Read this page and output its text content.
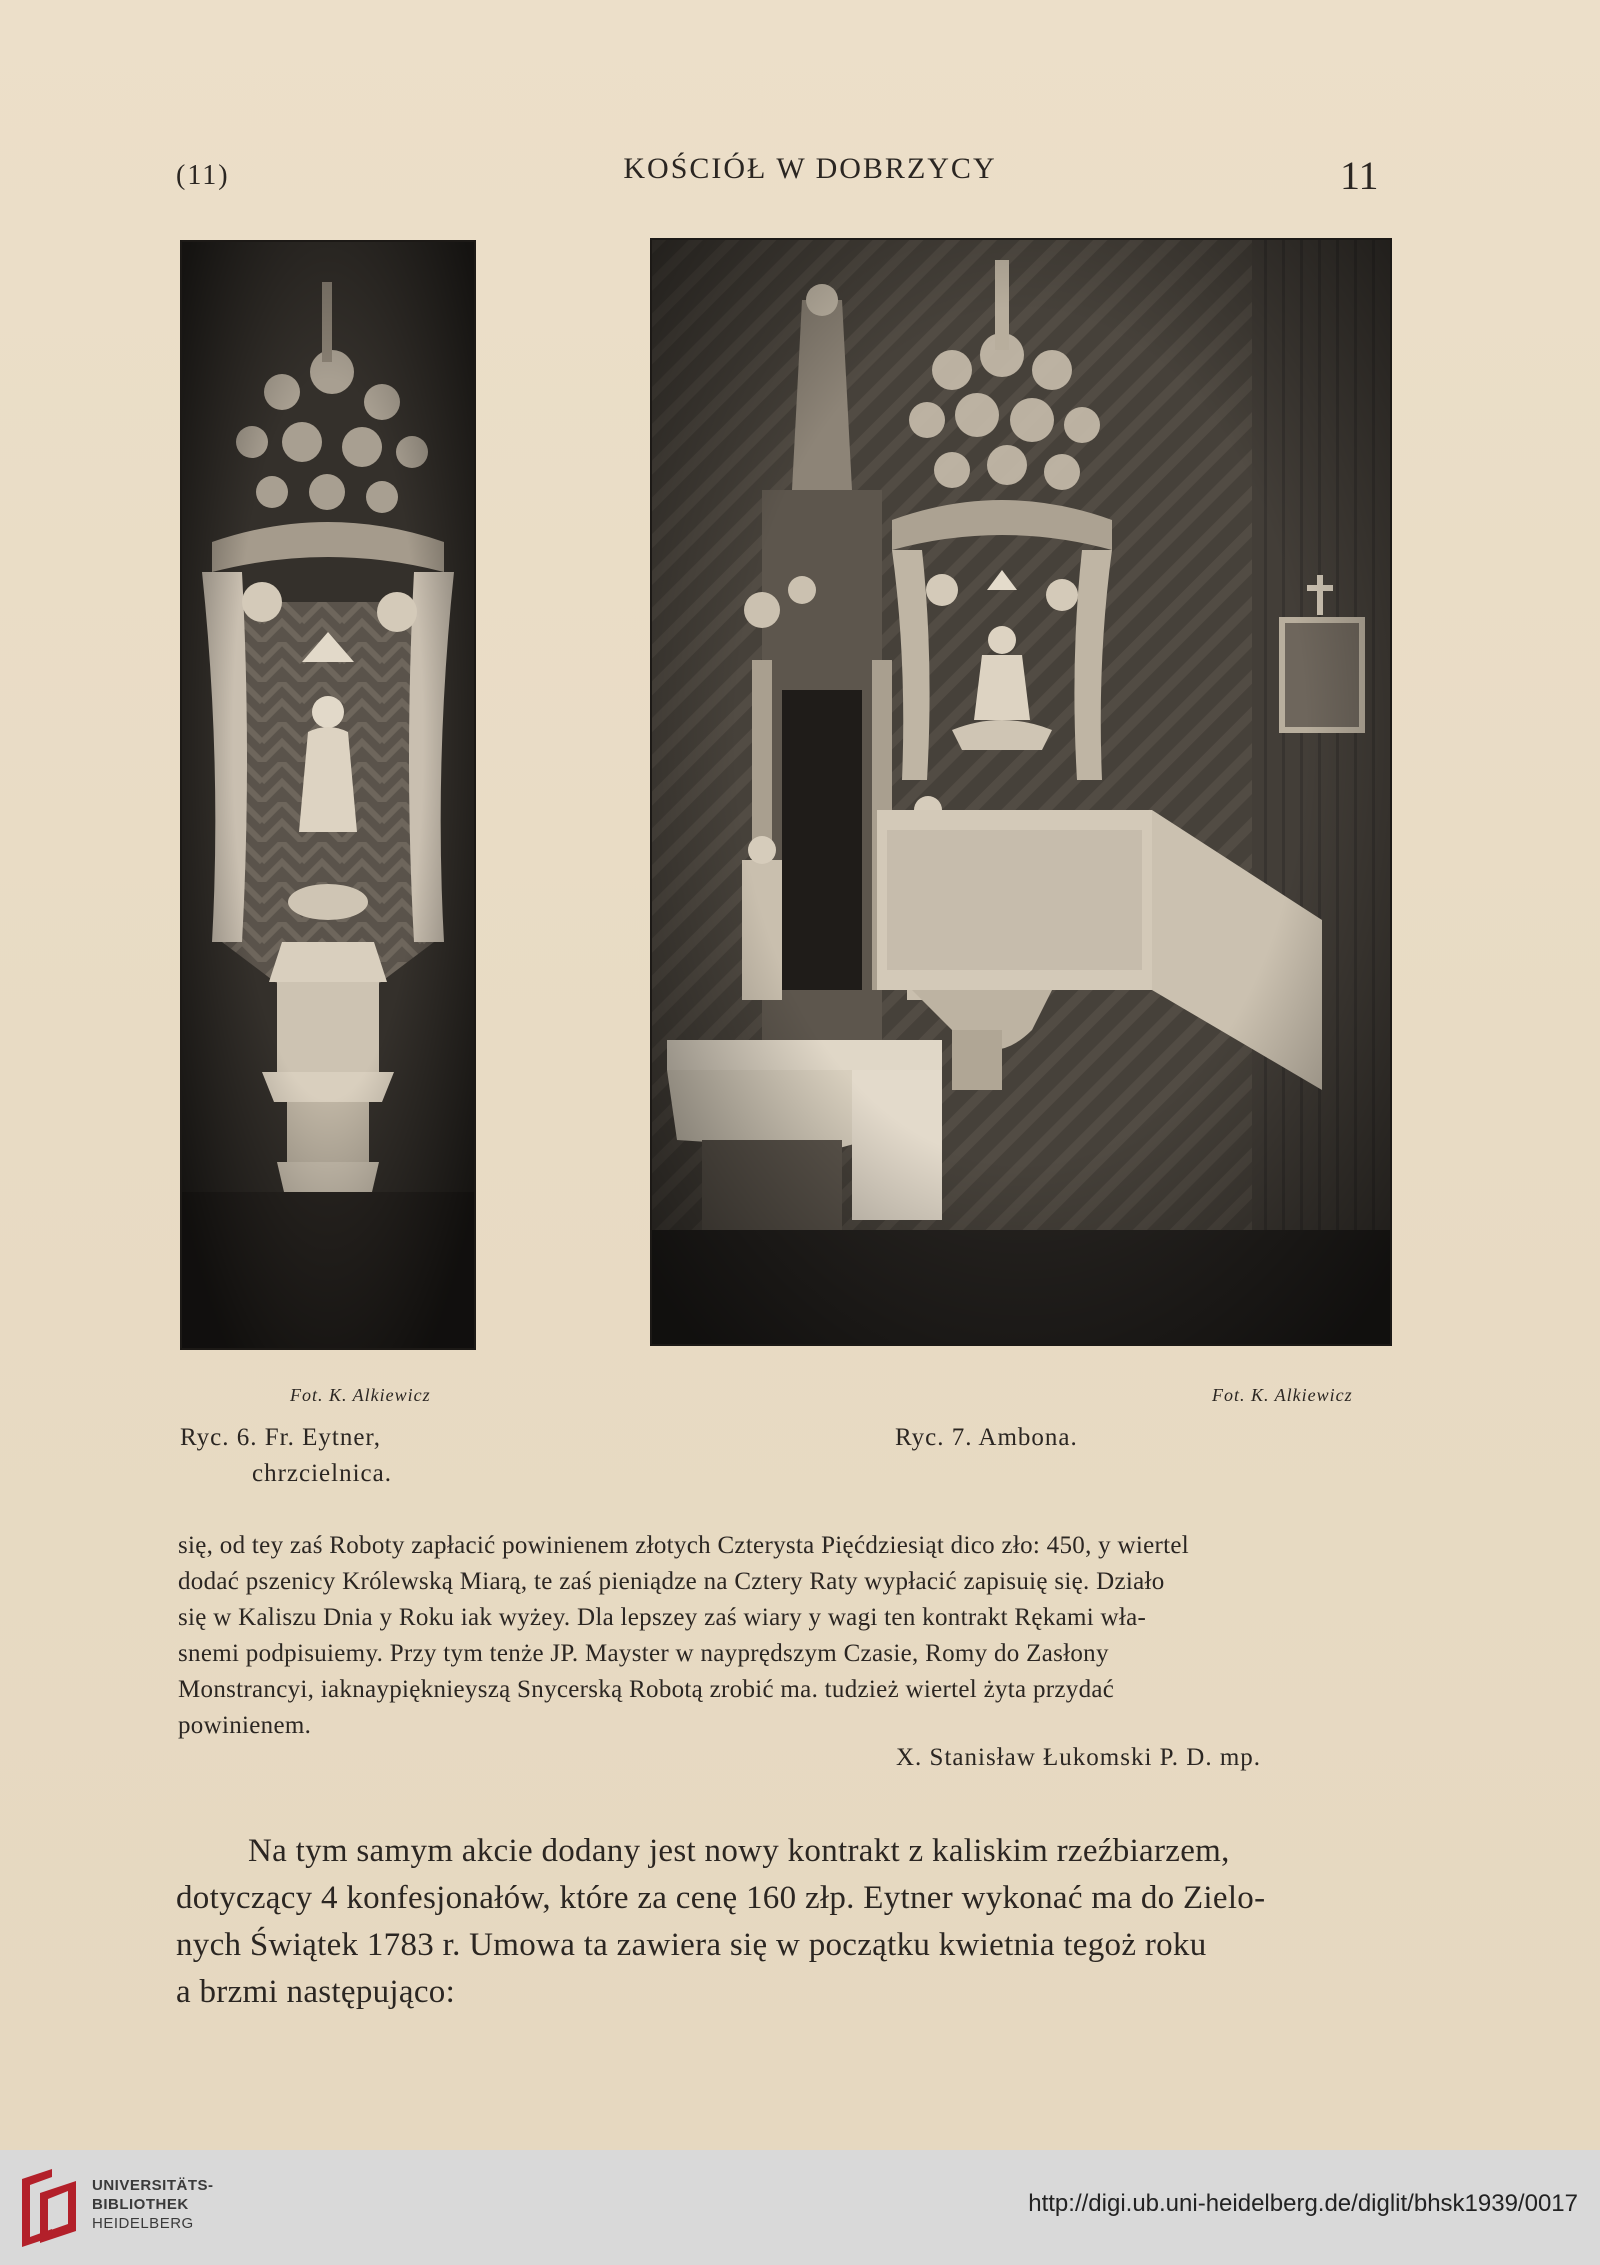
(11)	KOŚCIÓŁ W DOBRZYCY	11
Fot. K. Alkiewicz	Fot. K. Alkiewicz
Ryc. 6. Fr. Eytner,
chrzcielnica.
Ryc. 7. Ambona.
się, od tey zaś Roboty zapłacić powinienem złotych Czterysta Pięćdziesiąt dico zło: 450, y wiertel
dodać pszenicy Królewską Miarą, te zaś pieniądze na Cztery Raty wypłacić zapisuię się. Działo
się w Kaliszu Dnia y Roku iak wyżey. Dla lepszey zaś wiary y wagi ten kontrakt Rękami wła-
snemi podpisuiemy. Przy tym tenże JP. Mayster w nayprędszym Czasie, Romy do Zasłony
Monstrancyi, iaknaypięknieyszą Snycerską Robotą zrobić ma. tudzież wiertel żyta przydać
powinienem.
X. Stanisław Łukomski P. D. mp.
Na tym samym akcie dodany jest nowy kontrakt z kaliskim rzeźbiarzem,
dotyczący 4 konfesjonałów, które za cenę 160 złp. Eytner wykonać ma do Zielo-
nych Świątek 1783 r. Umowa ta zawiera się w początku kwietnia tegoż roku
a brzmi następująco:
UNIVERSITÄTS-
BIBLIOTHEK
HEIDELBERG
http://digi.ub.uni-heidelberg.de/diglit/bhsk1939/0017
